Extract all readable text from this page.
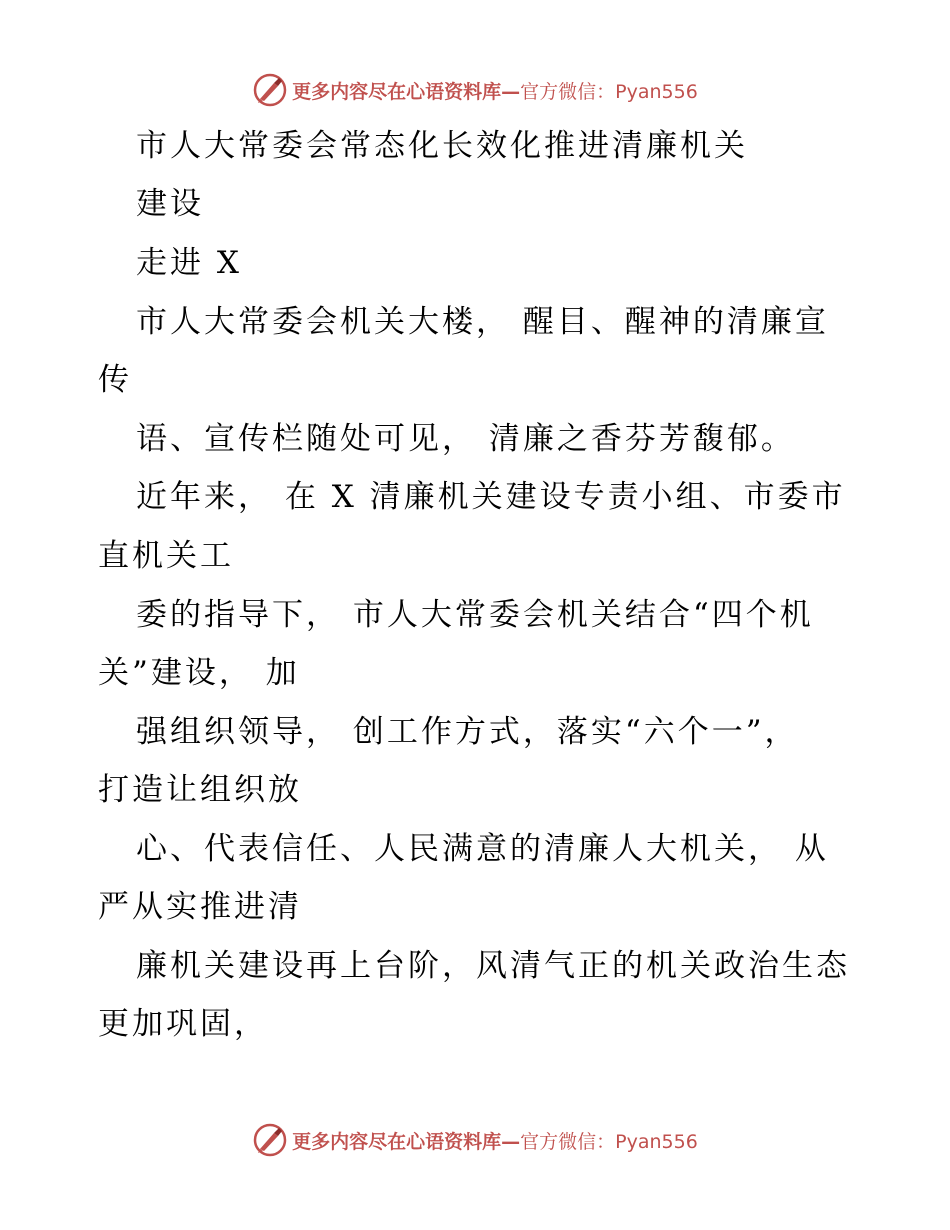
更多内容尽在心语资料库— 官方微信：Pyan556
市人大常委会常态化长效化推进清廉机关
建设
走进 X
市人大常委会机关大楼， 醒目、醒神的清廉宣
传
语、宣传栏随处可见， 清廉之香芬芳馥郁。
近年来， 在 X 清廉机关建设专责小组、市委市
直机关工
委的指导下， 市人大常委会机关结合“四个机
关”建设， 加
强组织领导， 创工作方式，落实“六个一”，
打造让组织放
心、代表信任、人民满意的清廉人大机关， 从
严从实推进清
廉机关建设再上台阶，风清气正的机关政治生态
更加巩固，
更多内容尽在心语资料库— 官方微信：Pyan556
